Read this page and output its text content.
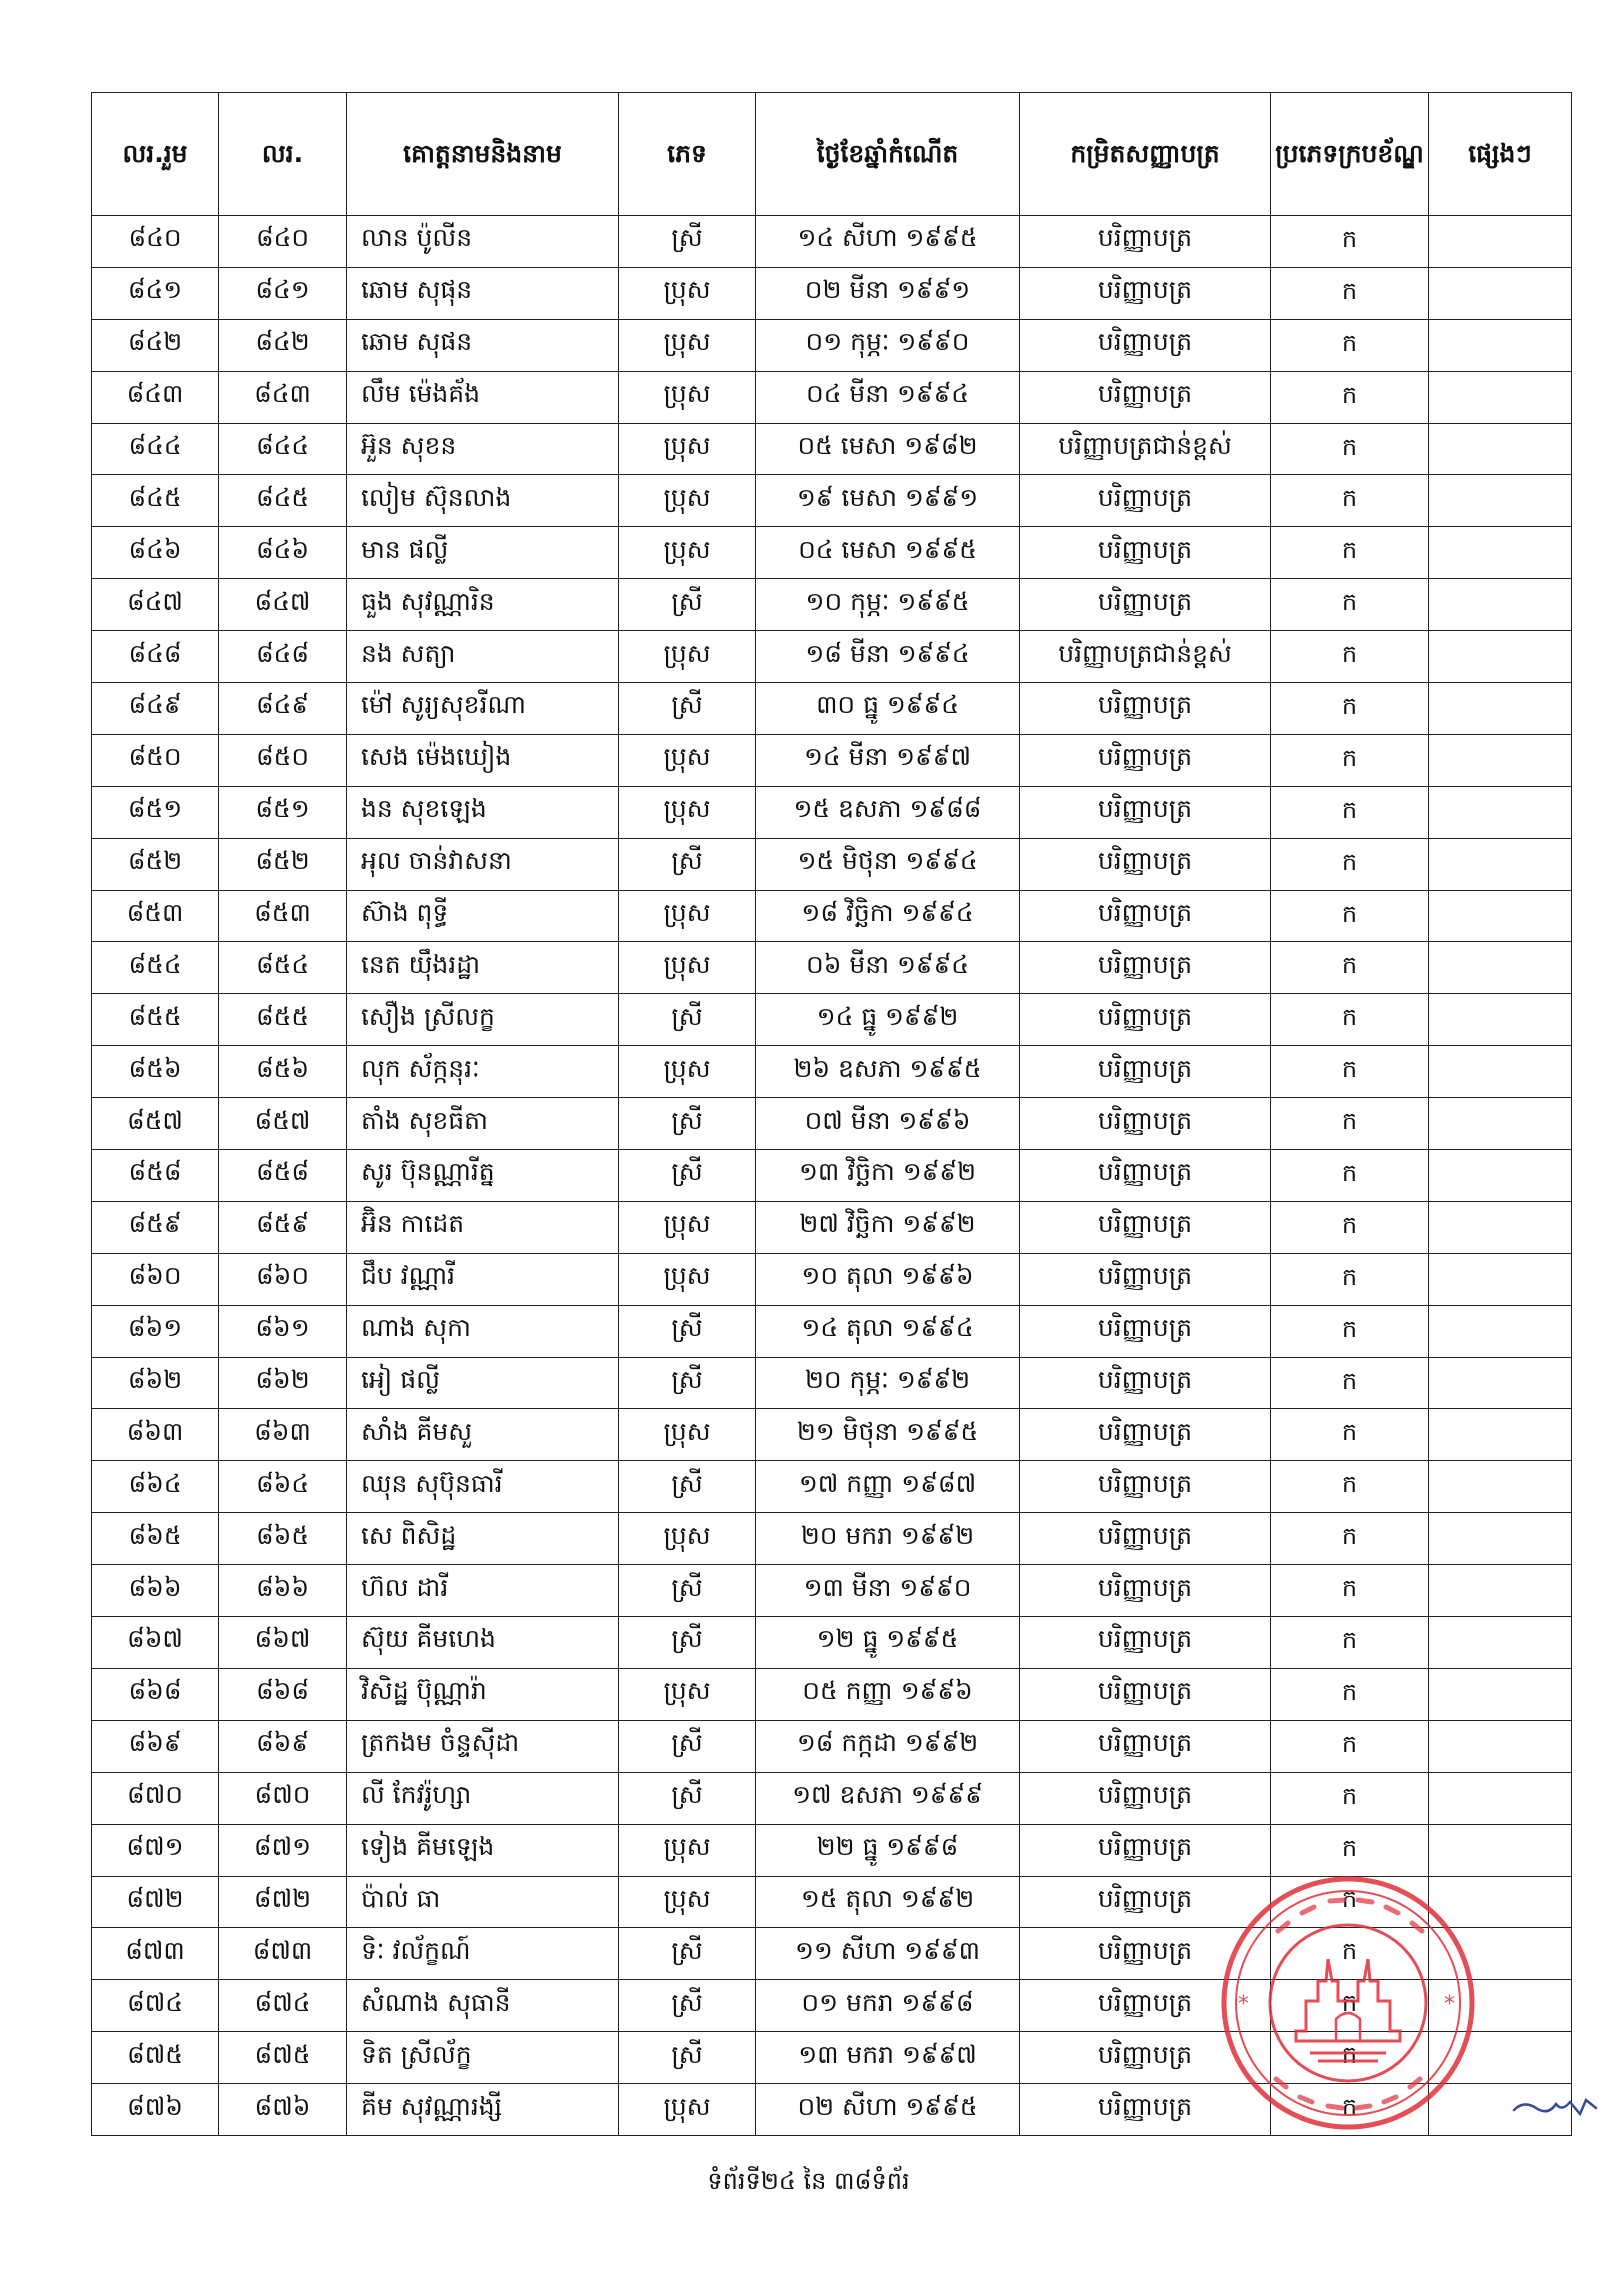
លរ.រួម	លរ.	គោត្តនាមនិងនាម	ភេទ	ថ្ងៃខែឆ្នាំកំណើត	កម្រិតសញ្ញាបត្រ	ប្រភេទក្របខ័ណ្ឌ	ផ្សេងៗ
៨៤០	៨៤០	លាន ប៉ូលីន	ស្រី	១៤ សីហា ១៩៩៥	បរិញ្ញាបត្រ	ក	
៨៤១	៨៤១	ឆោម សុផុន	ប្រុស	០២ មីនា ១៩៩១	បរិញ្ញាបត្រ	ក	
៨៤២	៨៤២	ឆោម សុផន	ប្រុស	០១ កុម្ភៈ ១៩៩០	បរិញ្ញាបត្រ	ក	
៨៤៣	៨៤៣	លឹម ម៉េងគ័ង	ប្រុស	០៤ មីនា ១៩៩៤	បរិញ្ញាបត្រ	ក	
៨៤៤	៨៤៤	អ៊ួន សុខន	ប្រុស	០៥ មេសា ១៩៨២	បរិញ្ញាបត្រជាន់ខ្ពស់	ក	
៨៤៥	៨៤៥	លៀម ស៊ុនលាង	ប្រុស	១៩ មេសា ១៩៩១	បរិញ្ញាបត្រ	ក	
៨៤៦	៨៤៦	មាន ផល្លី	ប្រុស	០៤ មេសា ១៩៩៥	បរិញ្ញាបត្រ	ក	
៨៤៧	៨៤៧	ធួង សុវណ្ណារិន	ស្រី	១០ កុម្ភៈ ១៩៩៥	បរិញ្ញាបត្រ	ក	
៨៤៨	៨៤៨	នង សត្យា	ប្រុស	១៨ មីនា ១៩៩៤	បរិញ្ញាបត្រជាន់ខ្ពស់	ក	
៨៤៩	៨៤៩	ម៉ៅ សូរ្យសុខរីណា	ស្រី	៣០ ធ្នូ ១៩៩៤	បរិញ្ញាបត្រ	ក	
៨៥០	៨៥០	សេង ម៉េងឃៀង	ប្រុស	១៤ មីនា ១៩៩៧	បរិញ្ញាបត្រ	ក	
៨៥១	៨៥១	ងន សុខឡេង	ប្រុស	១៥ ឧសភា ១៩៨៨	បរិញ្ញាបត្រ	ក	
៨៥២	៨៥២	អុល ចាន់វាសនា	ស្រី	១៥ មិថុនា ១៩៩៤	បរិញ្ញាបត្រ	ក	
៨៥៣	៨៥៣	ស៊ាង ពុទ្ធី	ប្រុស	១៨ វិច្ឆិកា ១៩៩៤	បរិញ្ញាបត្រ	ក	
៨៥៤	៨៥៤	នេត យ៉ឹងរដ្ឋា	ប្រុស	០៦ មីនា ១៩៩៤	បរិញ្ញាបត្រ	ក	
៨៥៥	៨៥៥	សឿង ស្រីលក្ខ	ស្រី	១៤ ធ្នូ ១៩៩២	បរិញ្ញាបត្រ	ក	
៨៥៦	៨៥៦	លុក ស័ក្កនុរៈ	ប្រុស	២៦ ឧសភា ១៩៩៥	បរិញ្ញាបត្រ	ក	
៨៥៧	៨៥៧	តាំង សុខធីតា	ស្រី	០៧ មីនា ១៩៩៦	បរិញ្ញាបត្រ	ក	
៨៥៨	៨៥៨	សូរ ប៊ុនណ្ណារីត្ន	ស្រី	១៣ វិច្ឆិកា ១៩៩២	បរិញ្ញាបត្រ	ក	
៨៥៩	៨៥៩	អ៊ិន កាដេត	ប្រុស	២៧ វិច្ឆិកា ១៩៩២	បរិញ្ញាបត្រ	ក	
៨៦០	៨៦០	ជឹប វណ្ណារី	ប្រុស	១០ តុលា ១៩៩៦	បរិញ្ញាបត្រ	ក	
៨៦១	៨៦១	ណាង សុកា	ស្រី	១៤ តុលា ១៩៩៤	បរិញ្ញាបត្រ	ក	
៨៦២	៨៦២	អៀ ផល្លី	ស្រី	២០ កុម្ភៈ ១៩៩២	បរិញ្ញាបត្រ	ក	
៨៦៣	៨៦៣	សាំង គីមសួ	ប្រុស	២១ មិថុនា ១៩៩៥	បរិញ្ញាបត្រ	ក	
៨៦៤	៨៦៤	ឈុន សុប៊ុនធារី	ស្រី	១៧ កញ្ញា ១៩៨៧	បរិញ្ញាបត្រ	ក	
៨៦៥	៨៦៥	សេ ពិសិដ្ឋ	ប្រុស	២០ មករា ១៩៩២	បរិញ្ញាបត្រ	ក	
៨៦៦	៨៦៦	ហ៊ល ដារី	ស្រី	១៣ មីនា ១៩៩០	បរិញ្ញាបត្រ	ក	
៨៦៧	៨៦៧	ស៊ុយ គីមហេង	ស្រី	១២ ធ្នូ ១៩៩៥	បរិញ្ញាបត្រ	ក	
៨៦៨	៨៦៨	វិសិដ្ឋ ប៊ុណ្ណារ៉ា	ប្រុស	០៥ កញ្ញា ១៩៩៦	បរិញ្ញាបត្រ	ក	
៨៦៩	៨៦៩	ត្រកងម ចំន្ទស៊ីដា	ស្រី	១៨ កក្កដា ១៩៩២	បរិញ្ញាបត្រ	ក	
៨៧០	៨៧០	លី កែវរ៉ូហ្សា	ស្រី	១៧ ឧសភា ១៩៩៩	បរិញ្ញាបត្រ	ក	
៨៧១	៨៧១	ទៀង គីមឡេង	ប្រុស	២២ ធ្នូ ១៩៩៨	បរិញ្ញាបត្រ	ក	
៨៧២	៨៧២	ប៉ាល់ ធា	ប្រុស	១៥ តុលា ១៩៩២	បរិញ្ញាបត្រ	ក	
៨៧៣	៨៧៣	ទិៈ វល័ក្ខណ៍	ស្រី	១១ សីហា ១៩៩៣	បរិញ្ញាបត្រ	ក	
៨៧៤	៨៧៤	សំណាង សុធានី	ស្រី	០១ មករា ១៩៩៨	បរិញ្ញាបត្រ	ក	
៨៧៥	៨៧៥	ទិត ស្រីល័ក្ខ	ស្រី	១៣ មករា ១៩៩៧	បរិញ្ញាបត្រ	ក	
៨៧៦	៨៧៦	គីម សុវណ្ណារង្សី	ប្រុស	០២ សីហា ១៩៩៥	បរិញ្ញាបត្រ	ក	
*	*
ទំព័រទី២៤ នៃ ៣៨ទំព័រ
